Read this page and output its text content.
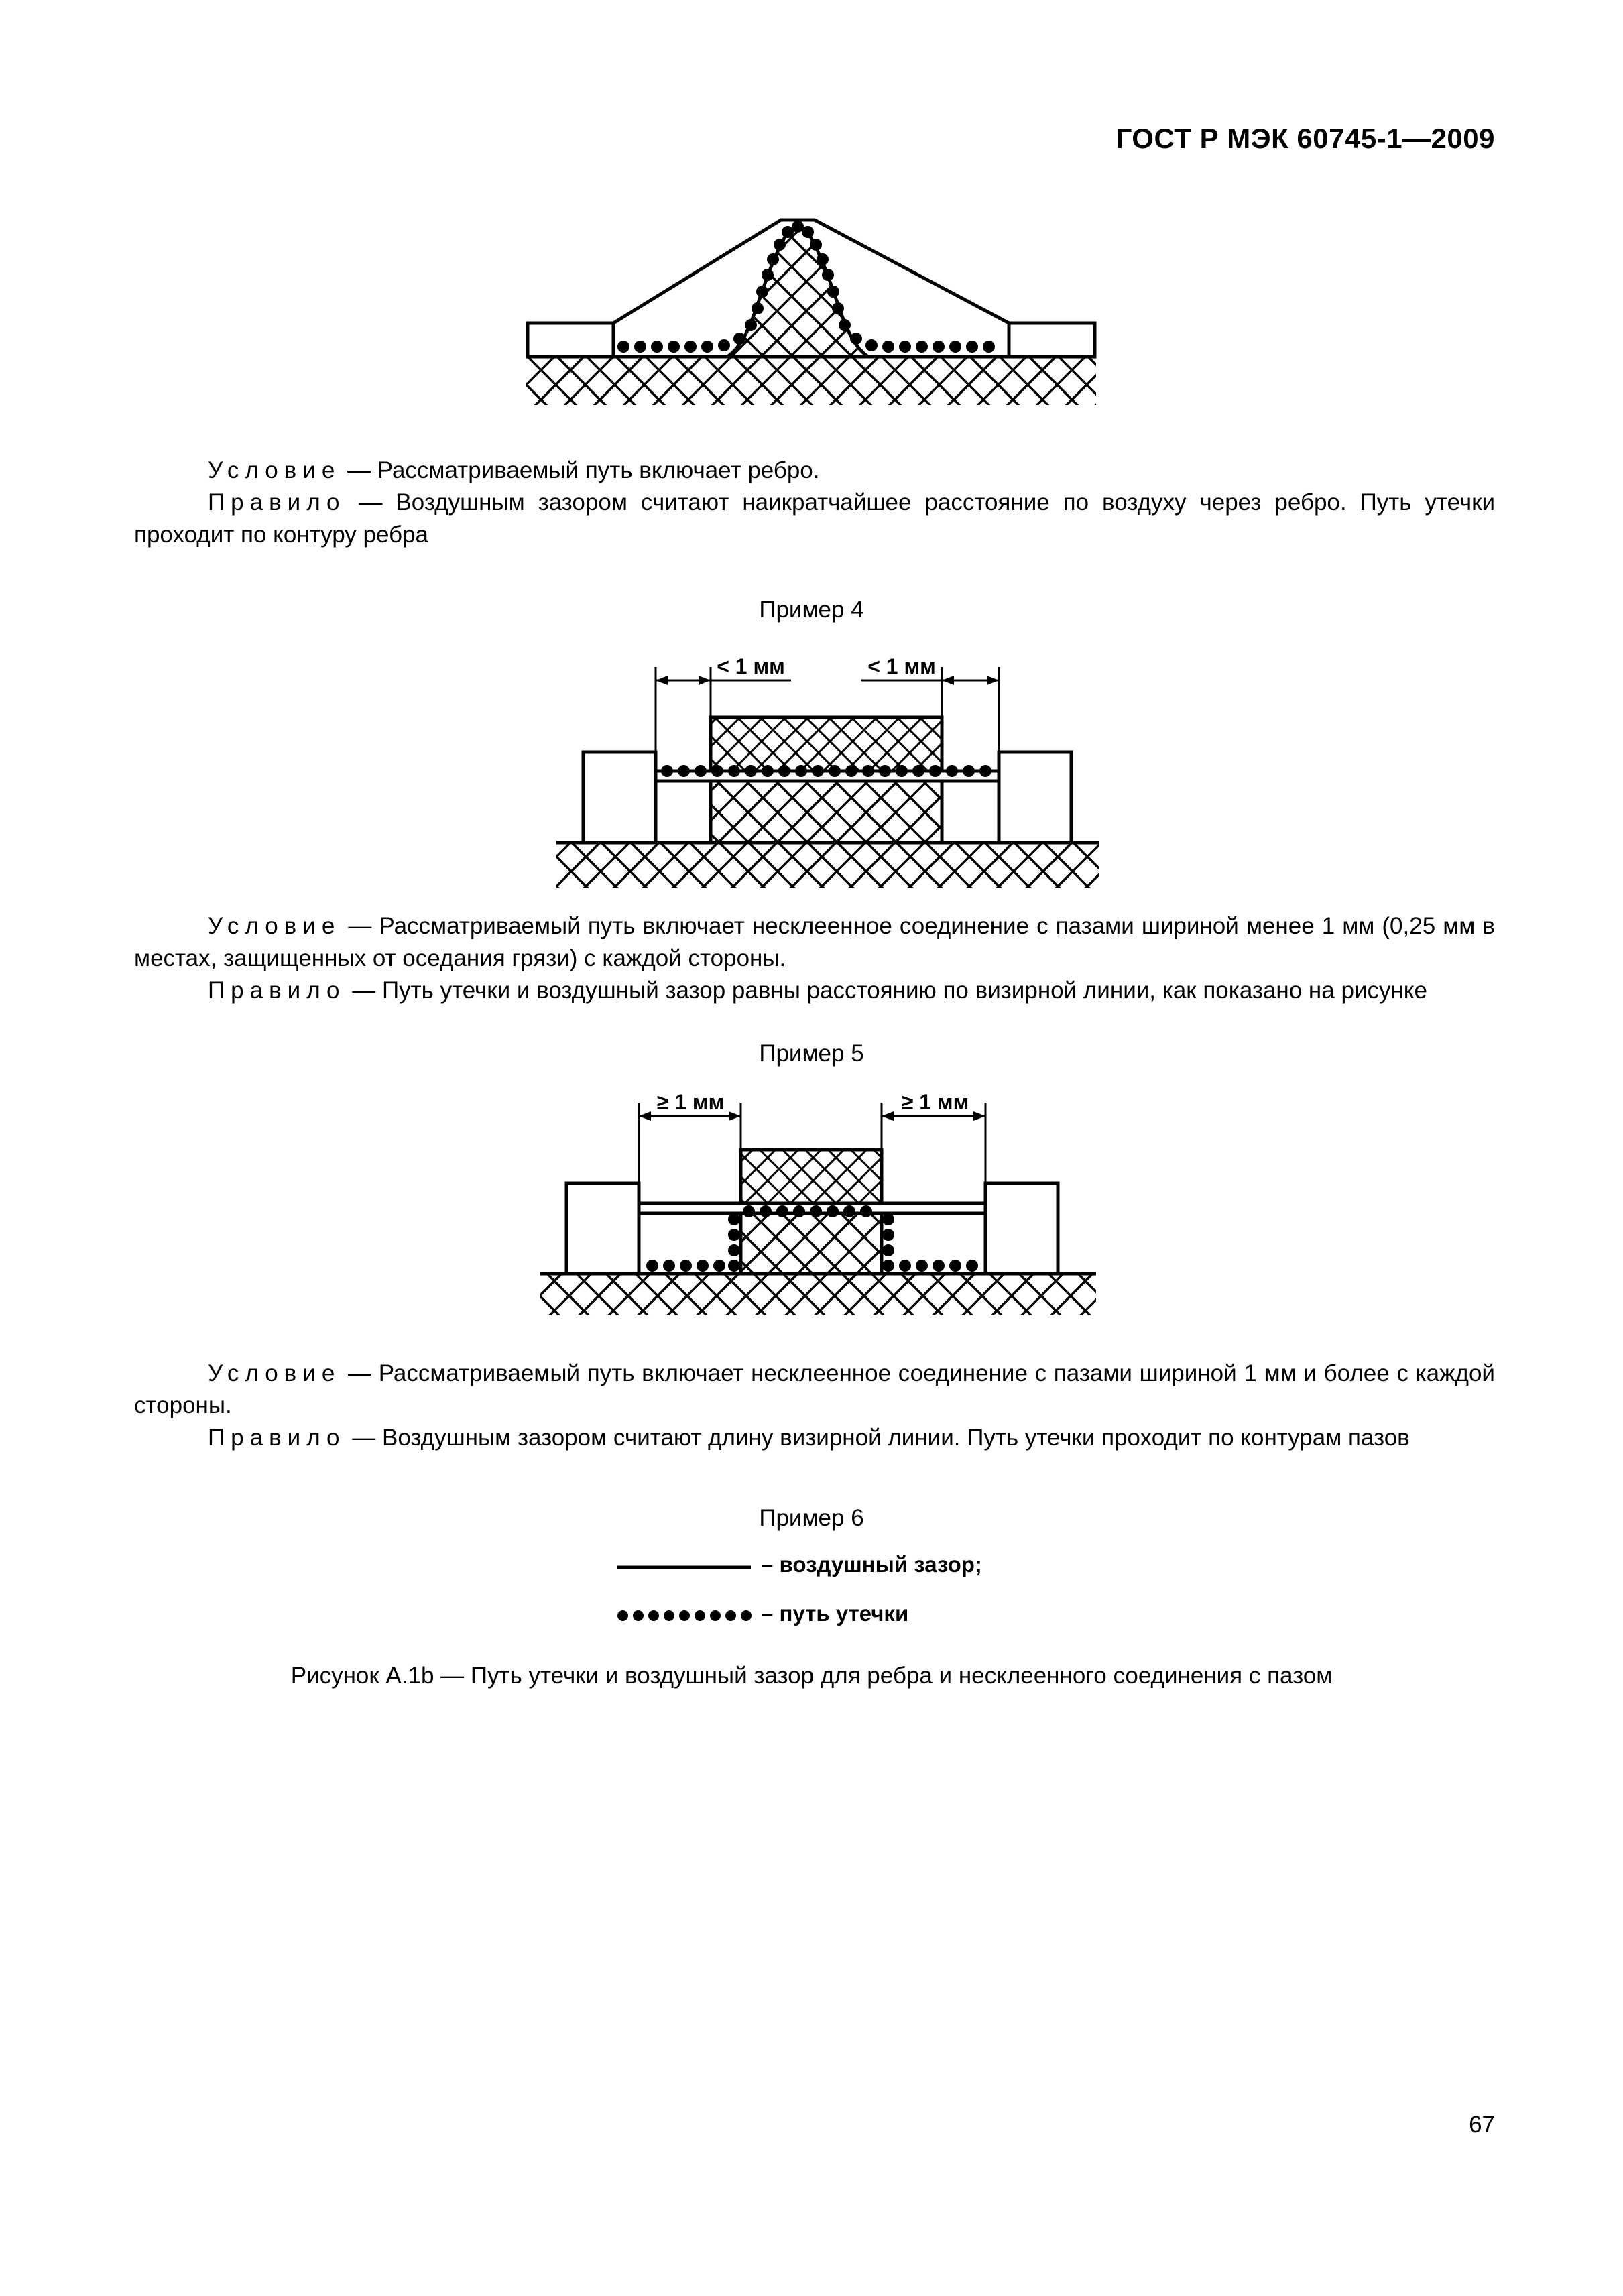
ГОСТ Р МЭК 60745-1—2009

Условие — Рассматриваемый путь включает ребро.

Правило — Воздушным зазором считают наикратчайшее расстояние по воздуху через ребро. Путь утечки проходит по контуру ребра

Пример 4
< 1 мм	< 1 мм

Условие — Рассматриваемый путь включает несклеенное соединение с пазами шириной менее 1 мм (0,25 мм в местах, защищенных от оседания грязи) с каждой стороны.

Правило — Путь утечки и воздушный зазор равны расстоянию по визирной линии, как показано на рисунке

Пример 5
≥ 1 мм	≥ 1 мм

Условие — Рассматриваемый путь включает несклеенное соединение с пазами шириной 1 мм и более с каждой стороны.

Правило — Воздушным зазором считают длину визирной линии. Путь утечки проходит по контурам пазов

Пример 6
– воздушный зазор;
– путь утечки
Рисунок А.1b — Путь утечки и воздушный зазор для ребра и несклеенного соединения с пазом
67
